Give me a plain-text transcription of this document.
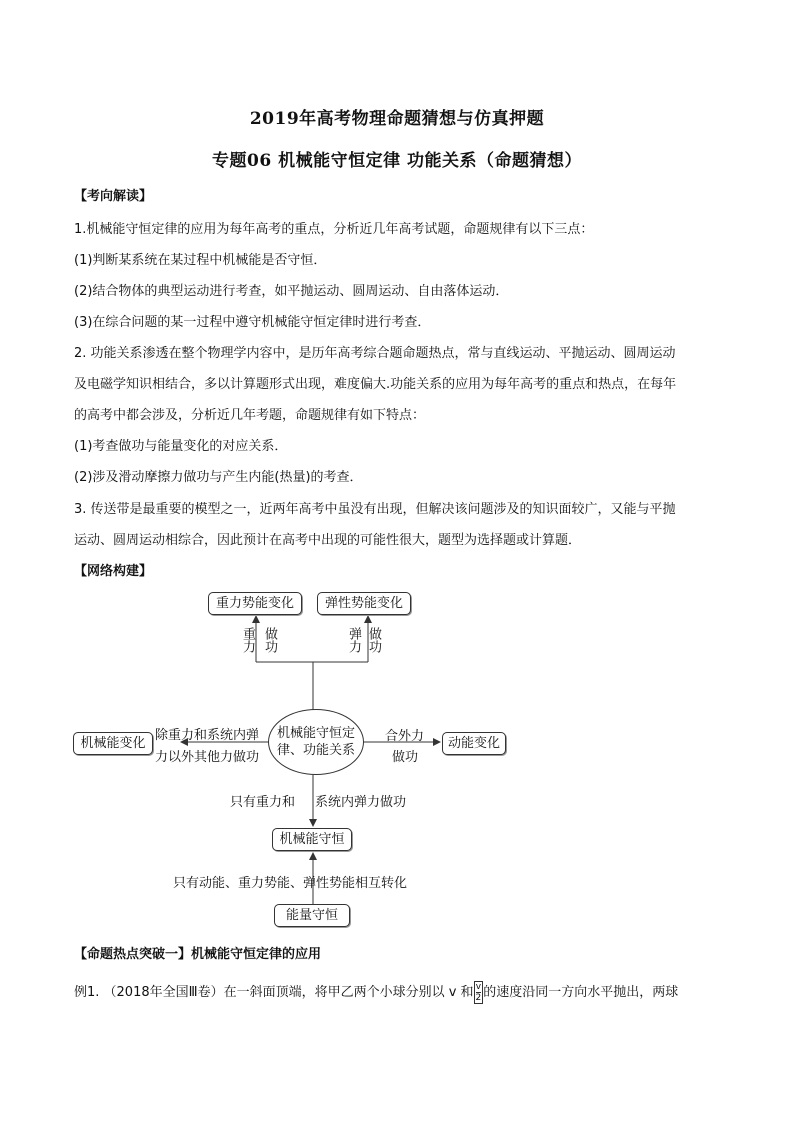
2019年高考物理命题猜想与仿真押题
专题06 机械能守恒定律 功能关系（命题猜想）
【考向解读】
1.机械能守恒定律的应用为每年高考的重点，分析近几年高考试题，命题规律有以下三点：
(1)判断某系统在某过程中机械能是否守恒．
(2)结合物体的典型运动进行考查，如平抛运动、圆周运动、自由落体运动．
(3)在综合问题的某一过程中遵守机械能守恒定律时进行考查．
2. 功能关系渗透在整个物理学内容中，是历年高考综合题命题热点，常与直线运动、平抛运动、圆周运动
及电磁学知识相结合，多以计算题形式出现，难度偏大.功能关系的应用为每年高考的重点和热点，在每年
的高考中都会涉及，分析近几年考题，命题规律有如下特点：
(1)考查做功与能量变化的对应关系．
(2)涉及滑动摩擦力做功与产生内能(热量)的考查．
3. 传送带是最重要的模型之一，近两年高考中虽没有出现，但解决该问题涉及的知识面较广，又能与平抛
运动、圆周运动相综合，因此预计在高考中出现的可能性很大，题型为选择题或计算题．
【网络构建】
重力势能变化	弹性势能变化
重力 做功	弹力 做功
机械能变化
除重力和系统内弹
力以外其他力做功
机械能守恒定
律、功能关系
合外力
做功
动能变化
只有重力和 系统内弹力做功
机械能守恒
只有动能、重力势能、弹性势能相互转化
能量守恒
【命题热点突破一】机械能守恒定律的应用
例1. （2018年全国Ⅲ卷）在一斜面顶端，将甲乙两个小球分别以 v 和 $\frac{v}{2}$ 的速度沿同一方向水平抛出，两球
